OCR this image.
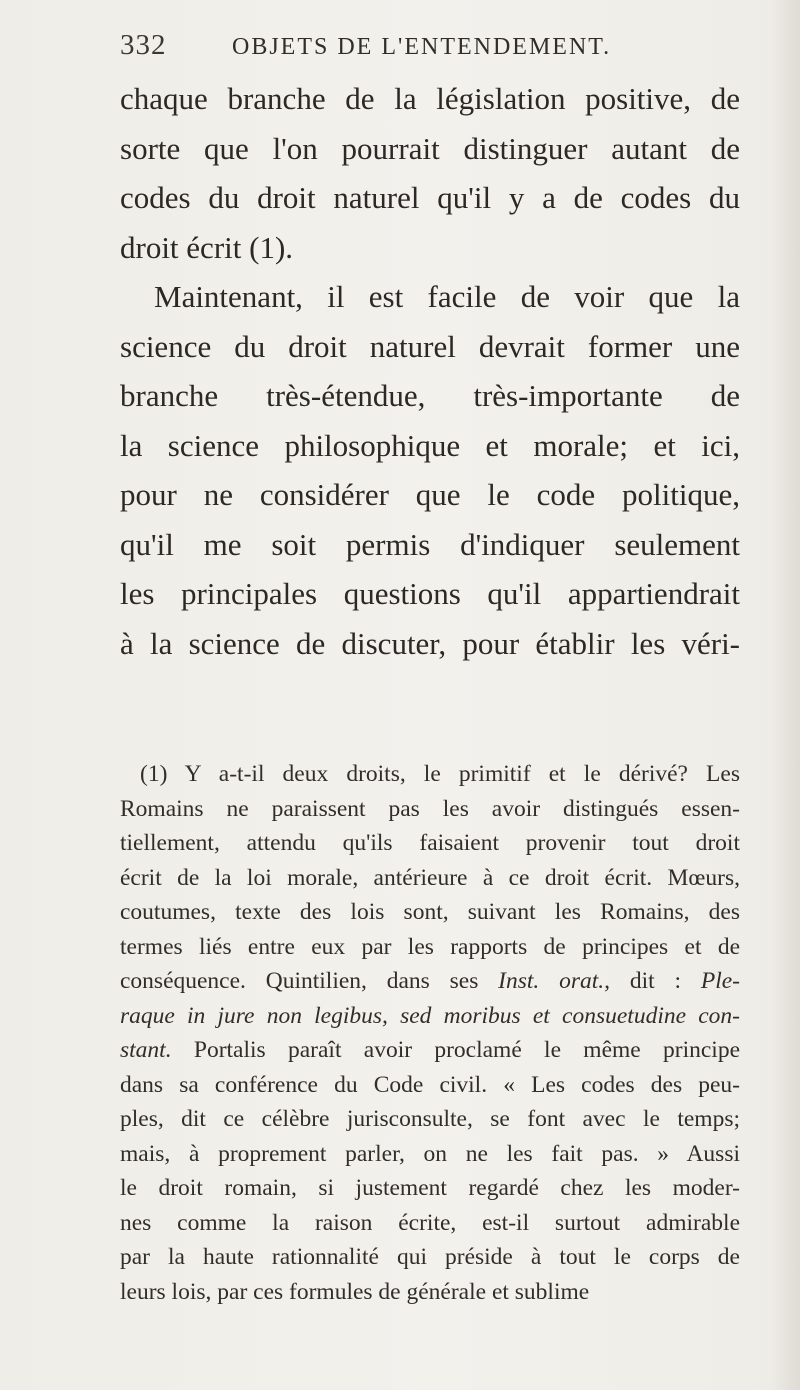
332	OBJETS DE L'ENTENDEMENT.
chaque branche de la législation positive, de
sorte que l'on pourrait distinguer autant de
codes du droit naturel qu'il y a de codes du
droit écrit (1).
Maintenant, il est facile de voir que la
science du droit naturel devrait former une
branche très-étendue, très-importante de
la science philosophique et morale; et ici,
pour ne considérer que le code politique,
qu'il me soit permis d'indiquer seulement
les principales questions qu'il appartiendrait
à la science de discuter, pour établir les véri-
(1) Y a-t-il deux droits, le primitif et le dérivé? Les
Romains ne paraissent pas les avoir distingués essen-
tiellement, attendu qu'ils faisaient provenir tout droit
écrit de la loi morale, antérieure à ce droit écrit. Mœurs,
coutumes, texte des lois sont, suivant les Romains, des
termes liés entre eux par les rapports de principes et de
conséquence. Quintilien, dans ses Inst. orat., dit : Ple-
raque in jure non legibus, sed moribus et consuetudine con-
stant. Portalis paraît avoir proclamé le même principe
dans sa conférence du Code civil. « Les codes des peu-
ples, dit ce célèbre jurisconsulte, se font avec le temps;
mais, à proprement parler, on ne les fait pas. » Aussi
le droit romain, si justement regardé chez les moder-
nes comme la raison écrite, est-il surtout admirable
par la haute rationnalité qui préside à tout le corps de
leurs lois, par ces formules de générale et sublime
